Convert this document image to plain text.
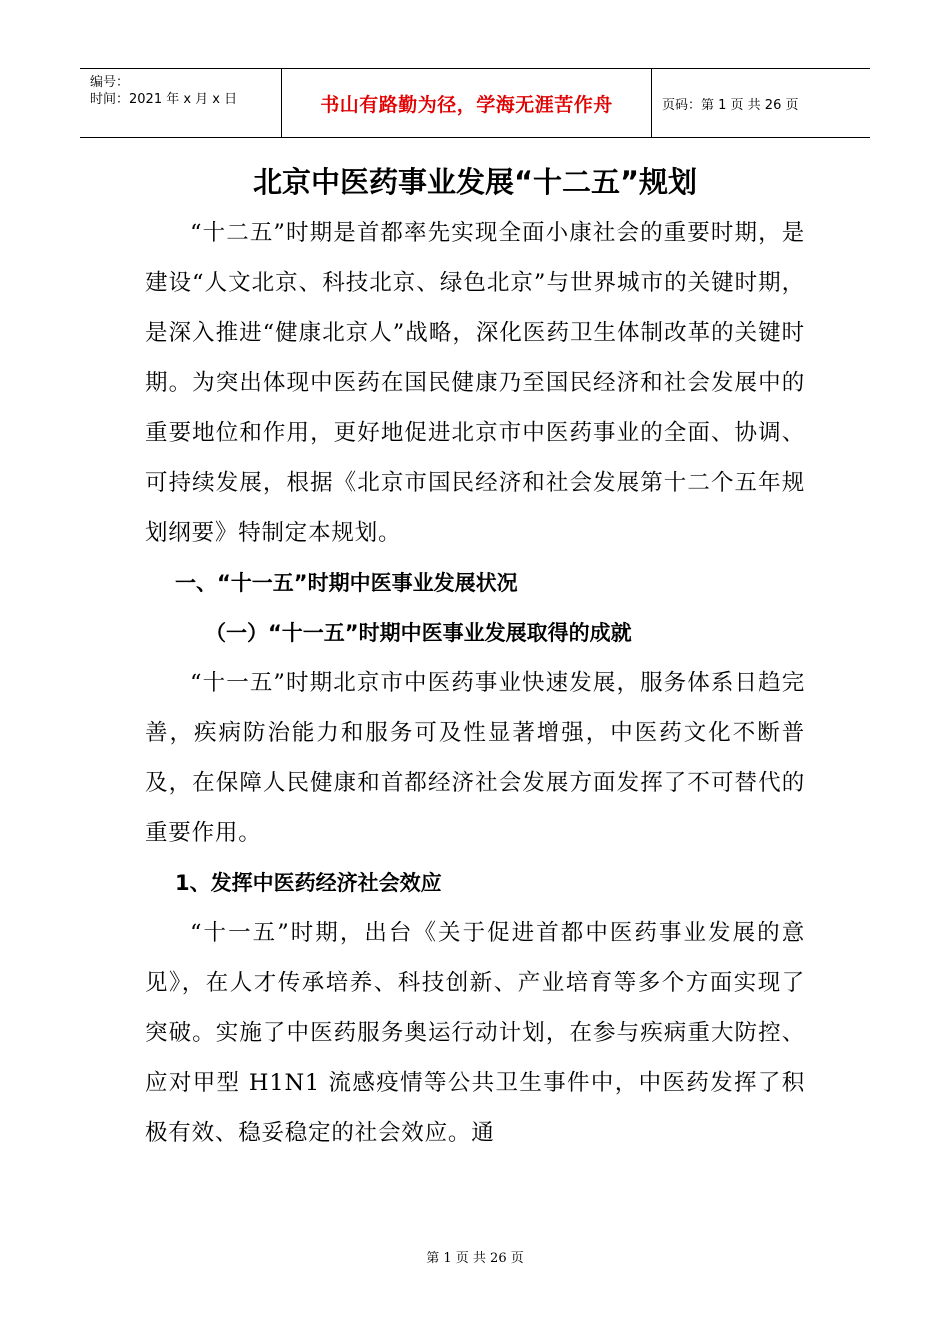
编号：
时间：2021 年 x 月 x 日	书山有路勤为径，学海无涯苦作舟	页码：第 1 页 共 26 页
北京中医药事业发展“十二五”规划

“十二五”时期是首都率先实现全面小康社会的重要时期，是建设“人文北京、科技北京、绿色北京”与世界城市的关键时期，是深入推进“健康北京人”战略，深化医药卫生体制改革的关键时期。为突出体现中医药在国民健康乃至国民经济和社会发展中的重要地位和作用，更好地促进北京市中医药事业的全面、协调、可持续发展，根据《北京市国民经济和社会发展第十二个五年规划纲要》特制定本规划。

一、“十一五”时期中医事业发展状况

（一）“十一五”时期中医事业发展取得的成就

“十一五”时期北京市中医药事业快速发展，服务体系日趋完善，疾病防治能力和服务可及性显著增强，中医药文化不断普及，在保障人民健康和首都经济社会发展方面发挥了不可替代的重要作用。

1、发挥中医药经济社会效应

“十一五”时期，出台《关于促进首都中医药事业发展的意见》，在人才传承培养、科技创新、产业培育等多个方面实现了突破。实施了中医药服务奥运行动计划，在参与疾病重大防控、应对甲型 H1N1 流感疫情等公共卫生事件中，中医药发挥了积极有效、稳妥稳定的社会效应。通

第 1 页 共 26 页
